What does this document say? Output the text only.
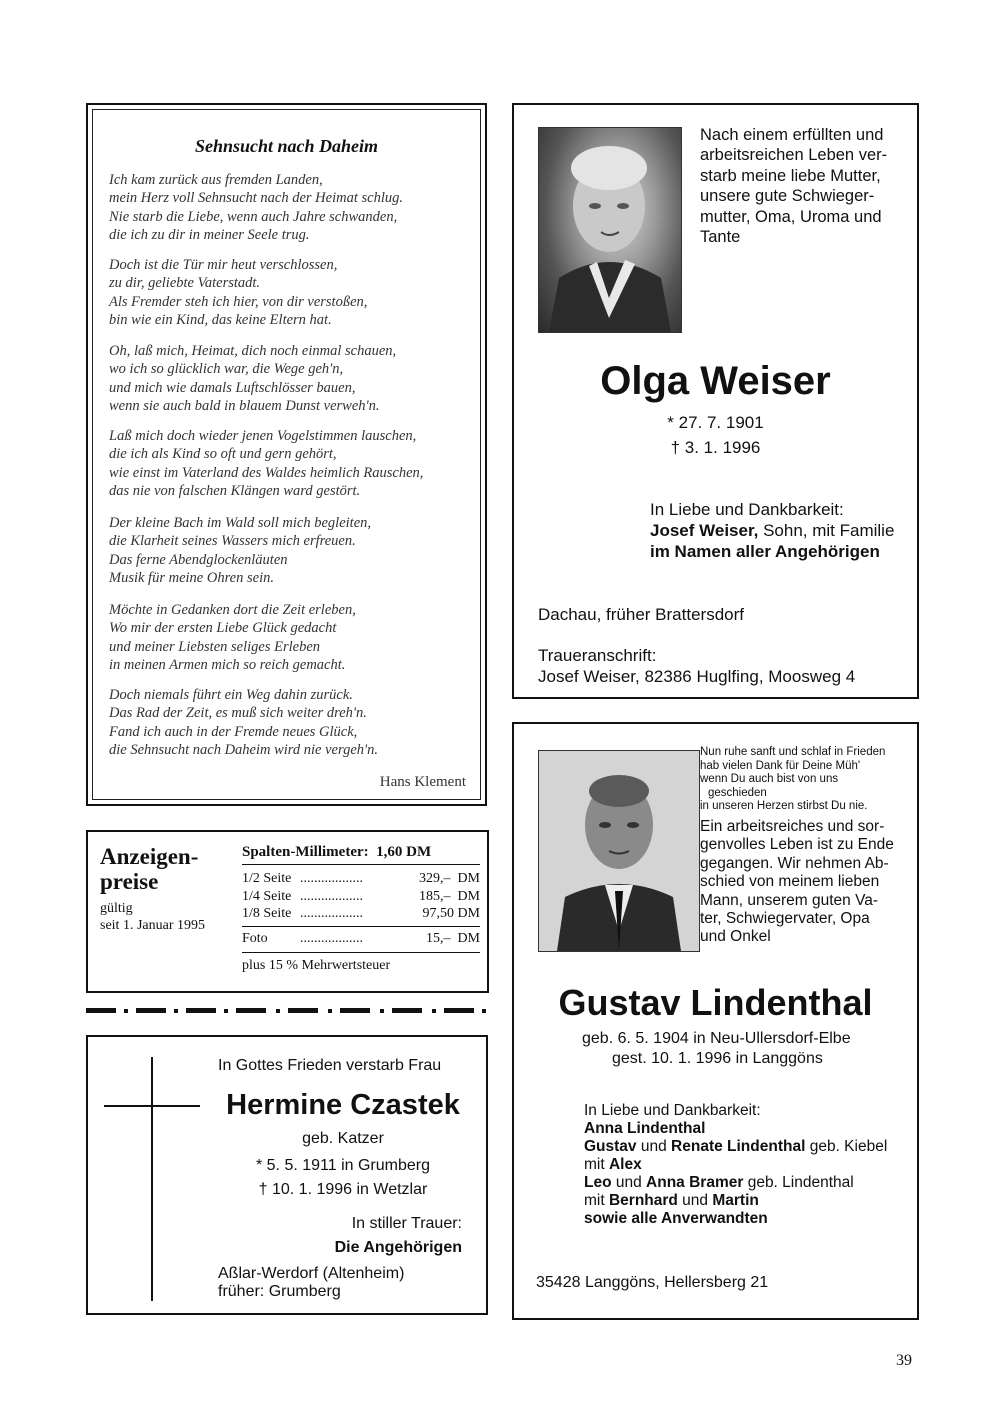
Sehnsucht nach Daheim
Ich kam zurück aus fremden Landen,
mein Herz voll Sehnsucht nach der Heimat schlug.
Nie starb die Liebe, wenn auch Jahre schwanden,
die ich zu dir in meiner Seele trug.
Doch ist die Tür mir heut verschlossen,
zu dir, geliebte Vaterstadt.
Als Fremder steh ich hier, von dir verstoßen,
bin wie ein Kind, das keine Eltern hat.
Oh, laß mich, Heimat, dich noch einmal schauen,
wo ich so glücklich war, die Wege geh'n,
und mich wie damals Luftschlösser bauen,
wenn sie auch bald in blauem Dunst verweh'n.
Laß mich doch wieder jenen Vogelstimmen lauschen,
die ich als Kind so oft und gern gehört,
wie einst im Vaterland des Waldes heimlich Rauschen,
das nie von falschen Klängen ward gestört.
Der kleine Bach im Wald soll mich begleiten,
die Klarheit seines Wassers mich erfreuen.
Das ferne Abendglockenläuten
Musik für meine Ohren sein.
Möchte in Gedanken dort die Zeit erleben,
Wo mir der ersten Liebe Glück gedacht
und meiner Liebsten seliges Erleben
in meinen Armen mich so reich gemacht.
Doch niemals führt ein Weg dahin zurück.
Das Rad der Zeit, es muß sich weiter dreh'n.
Fand ich auch in der Fremde neues Glück,
die Sehnsucht nach Daheim wird nie vergeh'n.
Hans Klement
Nach einem erfüllten und
arbeitsreichen Leben ver-
starb meine liebe Mutter,
unsere gute Schwieger-
mutter, Oma, Uroma und
Tante
Olga Weiser
* 27. 7. 1901
† 3. 1. 1996
In Liebe und Dankbarkeit:
Josef Weiser, Sohn, mit Familie
im Namen aller Angehörigen
Dachau, früher Brattersdorf
Traueranschrift:
Josef Weiser, 82386 Huglfing, Moosweg 4
Anzeigen-
preise
gültig
seit 1. Januar 1995
Spalten-Millimeter:  1,60 DM
1/2 Seite ..................	329,–  DM
1/4 Seite ..................	185,–  DM
1/8 Seite ..................	97,50 DM
Foto	..................	15,–  DM
plus 15 % Mehrwertsteuer
In Gottes Frieden verstarb Frau
Hermine Czastek
geb. Katzer
* 5. 5. 1911 in Grumberg
† 10. 1. 1996 in Wetzlar
In stiller Trauer:
Die Angehörigen
Aßlar-Werdorf (Altenheim)
früher: Grumberg
Nun ruhe sanft und schlaf in Frieden
hab vielen Dank für Deine Müh'
wenn Du auch bist von uns
geschieden
in unseren Herzen stirbst Du nie.
Ein arbeitsreiches und sor-
genvolles Leben ist zu Ende
gegangen. Wir nehmen Ab-
schied von meinem lieben
Mann, unserem guten Va-
ter, Schwiegervater, Opa
und Onkel
Gustav Lindenthal
geb. 6. 5. 1904 in Neu-Ullersdorf-Elbe
gest. 10. 1. 1996 in Langgöns
In Liebe und Dankbarkeit:
Anna Lindenthal
Gustav und Renate Lindenthal geb. Kiebel
mit Alex
Leo und Anna Bramer geb. Lindenthal
mit Bernhard und Martin
sowie alle Anverwandten
35428 Langgöns, Hellersberg 21
39
